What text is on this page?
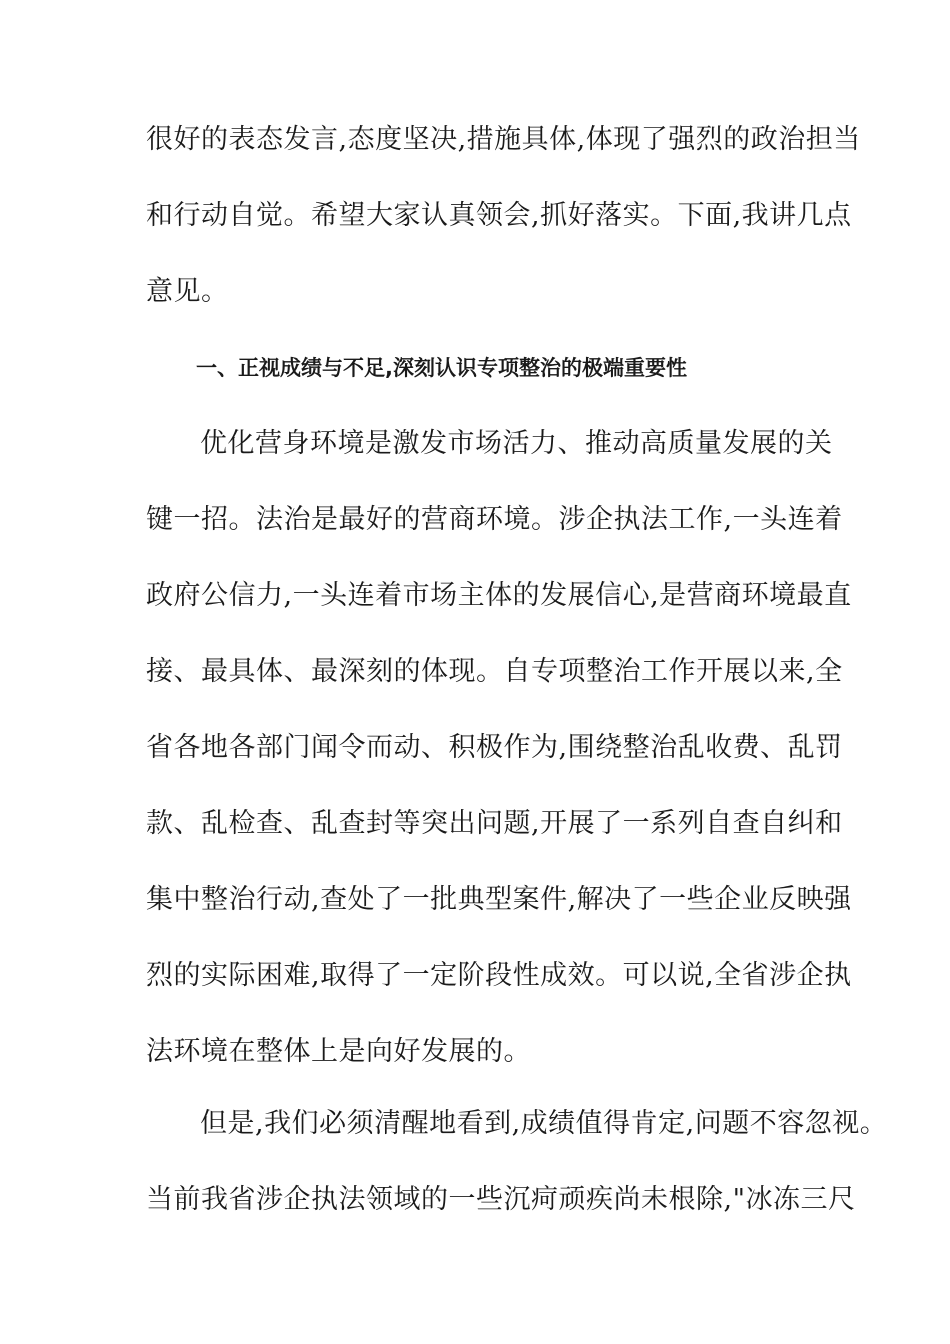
很好的表态发言,态度坚决,措施具体,体现了强烈的政治担当
和行动自觉。希望大家认真领会,抓好落实。下面,我讲几点
意见。
一、正视成绩与不足,深刻认识专项整治的极端重要性
优化营身环境是激发市场活力、推动高质量发展的关
键一招。法治是最好的营商环境。涉企执法工作,一头连着
政府公信力,一头连着市场主体的发展信心,是营商环境最直
接、最具体、最深刻的体现。自专项整治工作开展以来,全
省各地各部门闻令而动、积极作为,围绕整治乱收费、乱罚
款、乱检查、乱查封等突出问题,开展了一系列自查自纠和
集中整治行动,查处了一批典型案件,解决了一些企业反映强
烈的实际困难,取得了一定阶段性成效。可以说,全省涉企执
法环境在整体上是向好发展的。
但是,我们必须清醒地看到,成绩值得肯定,问题不容忽视。
当前我省涉企执法领域的一些沉疴顽疾尚未根除,"冰冻三尺
